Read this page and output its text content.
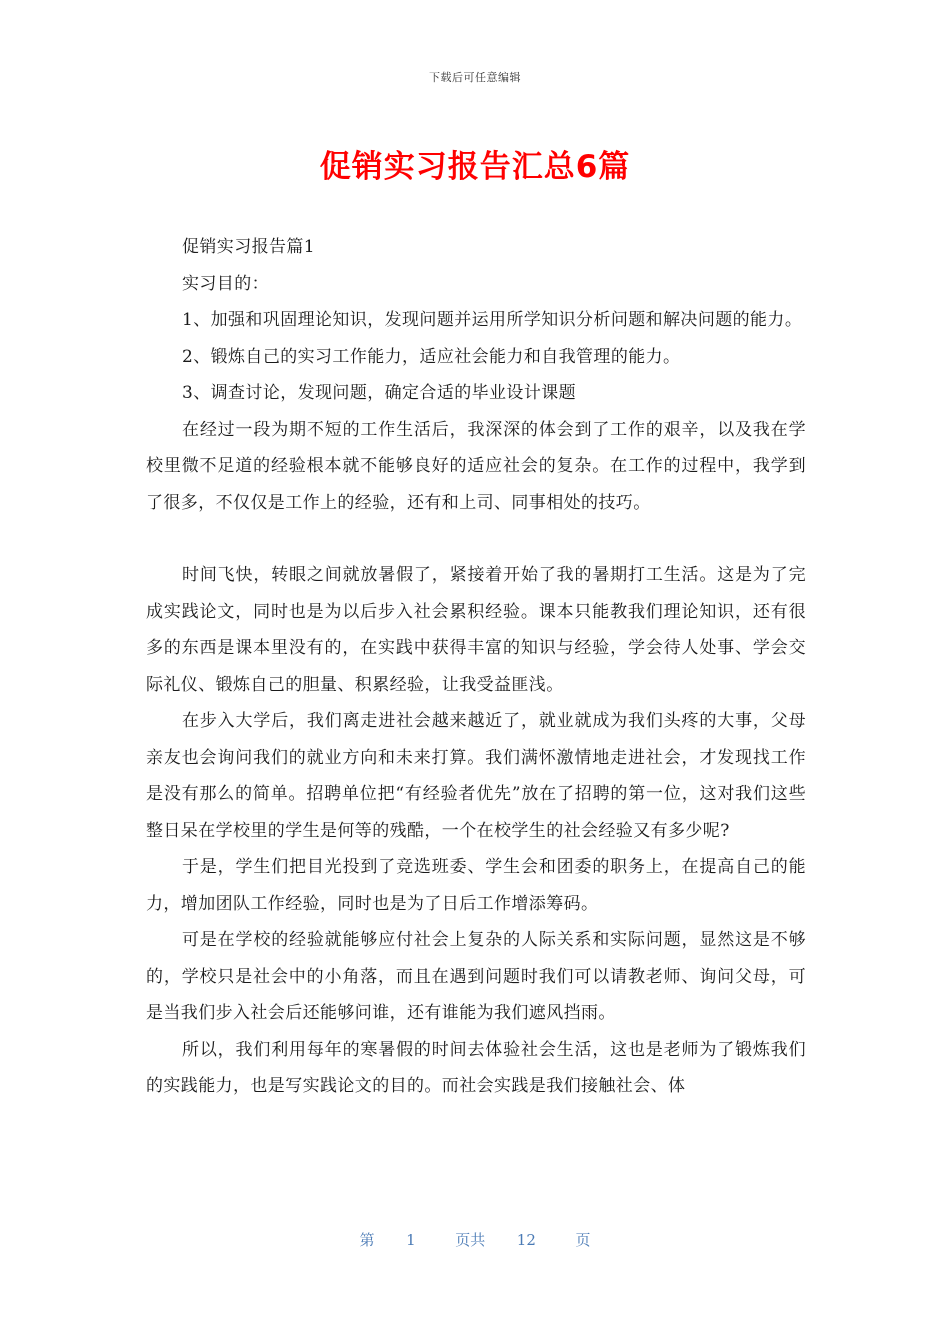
下载后可任意编辑
促销实习报告汇总6篇

促销实习报告篇1

实习目的：

1、加强和巩固理论知识，发现问题并运用所学知识分析问题和解决问题的能力。

2、锻炼自己的实习工作能力，适应社会能力和自我管理的能力。

3、调查讨论，发现问题，确定合适的毕业设计课题

在经过一段为期不短的工作生活后，我深深的体会到了工作的艰辛，以及我在学校里微不足道的经验根本就不能够良好的适应社会的复杂。在工作的过程中，我学到了很多，不仅仅是工作上的经验，还有和上司、同事相处的技巧。

时间飞快，转眼之间就放暑假了，紧接着开始了我的暑期打工生活。这是为了完成实践论文，同时也是为以后步入社会累积经验。课本只能教我们理论知识，还有很多的东西是课本里没有的，在实践中获得丰富的知识与经验，学会待人处事、学会交际礼仪、锻炼自己的胆量、积累经验，让我受益匪浅。

在步入大学后，我们离走进社会越来越近了，就业就成为我们头疼的大事，父母亲友也会询问我们的就业方向和未来打算。我们满怀激情地走进社会，才发现找工作是没有那么的简单。招聘单位把“有经验者优先”放在了招聘的第一位，这对我们这些整日呆在学校里的学生是何等的残酷，一个在校学生的社会经验又有多少呢?

于是，学生们把目光投到了竞选班委、学生会和团委的职务上，在提高自己的能力，增加团队工作经验，同时也是为了日后工作增添筹码。

可是在学校的经验就能够应付社会上复杂的人际关系和实际问题，显然这是不够的，学校只是社会中的小角落，而且在遇到问题时我们可以请教老师、询问父母，可是当我们步入社会后还能够问谁，还有谁能为我们遮风挡雨。

所以，我们利用每年的寒暑假的时间去体验社会生活，这也是老师为了锻炼我们的实践能力，也是写实践论文的目的。而社会实践是我们接触社会、体

第 1	页共 12	页
